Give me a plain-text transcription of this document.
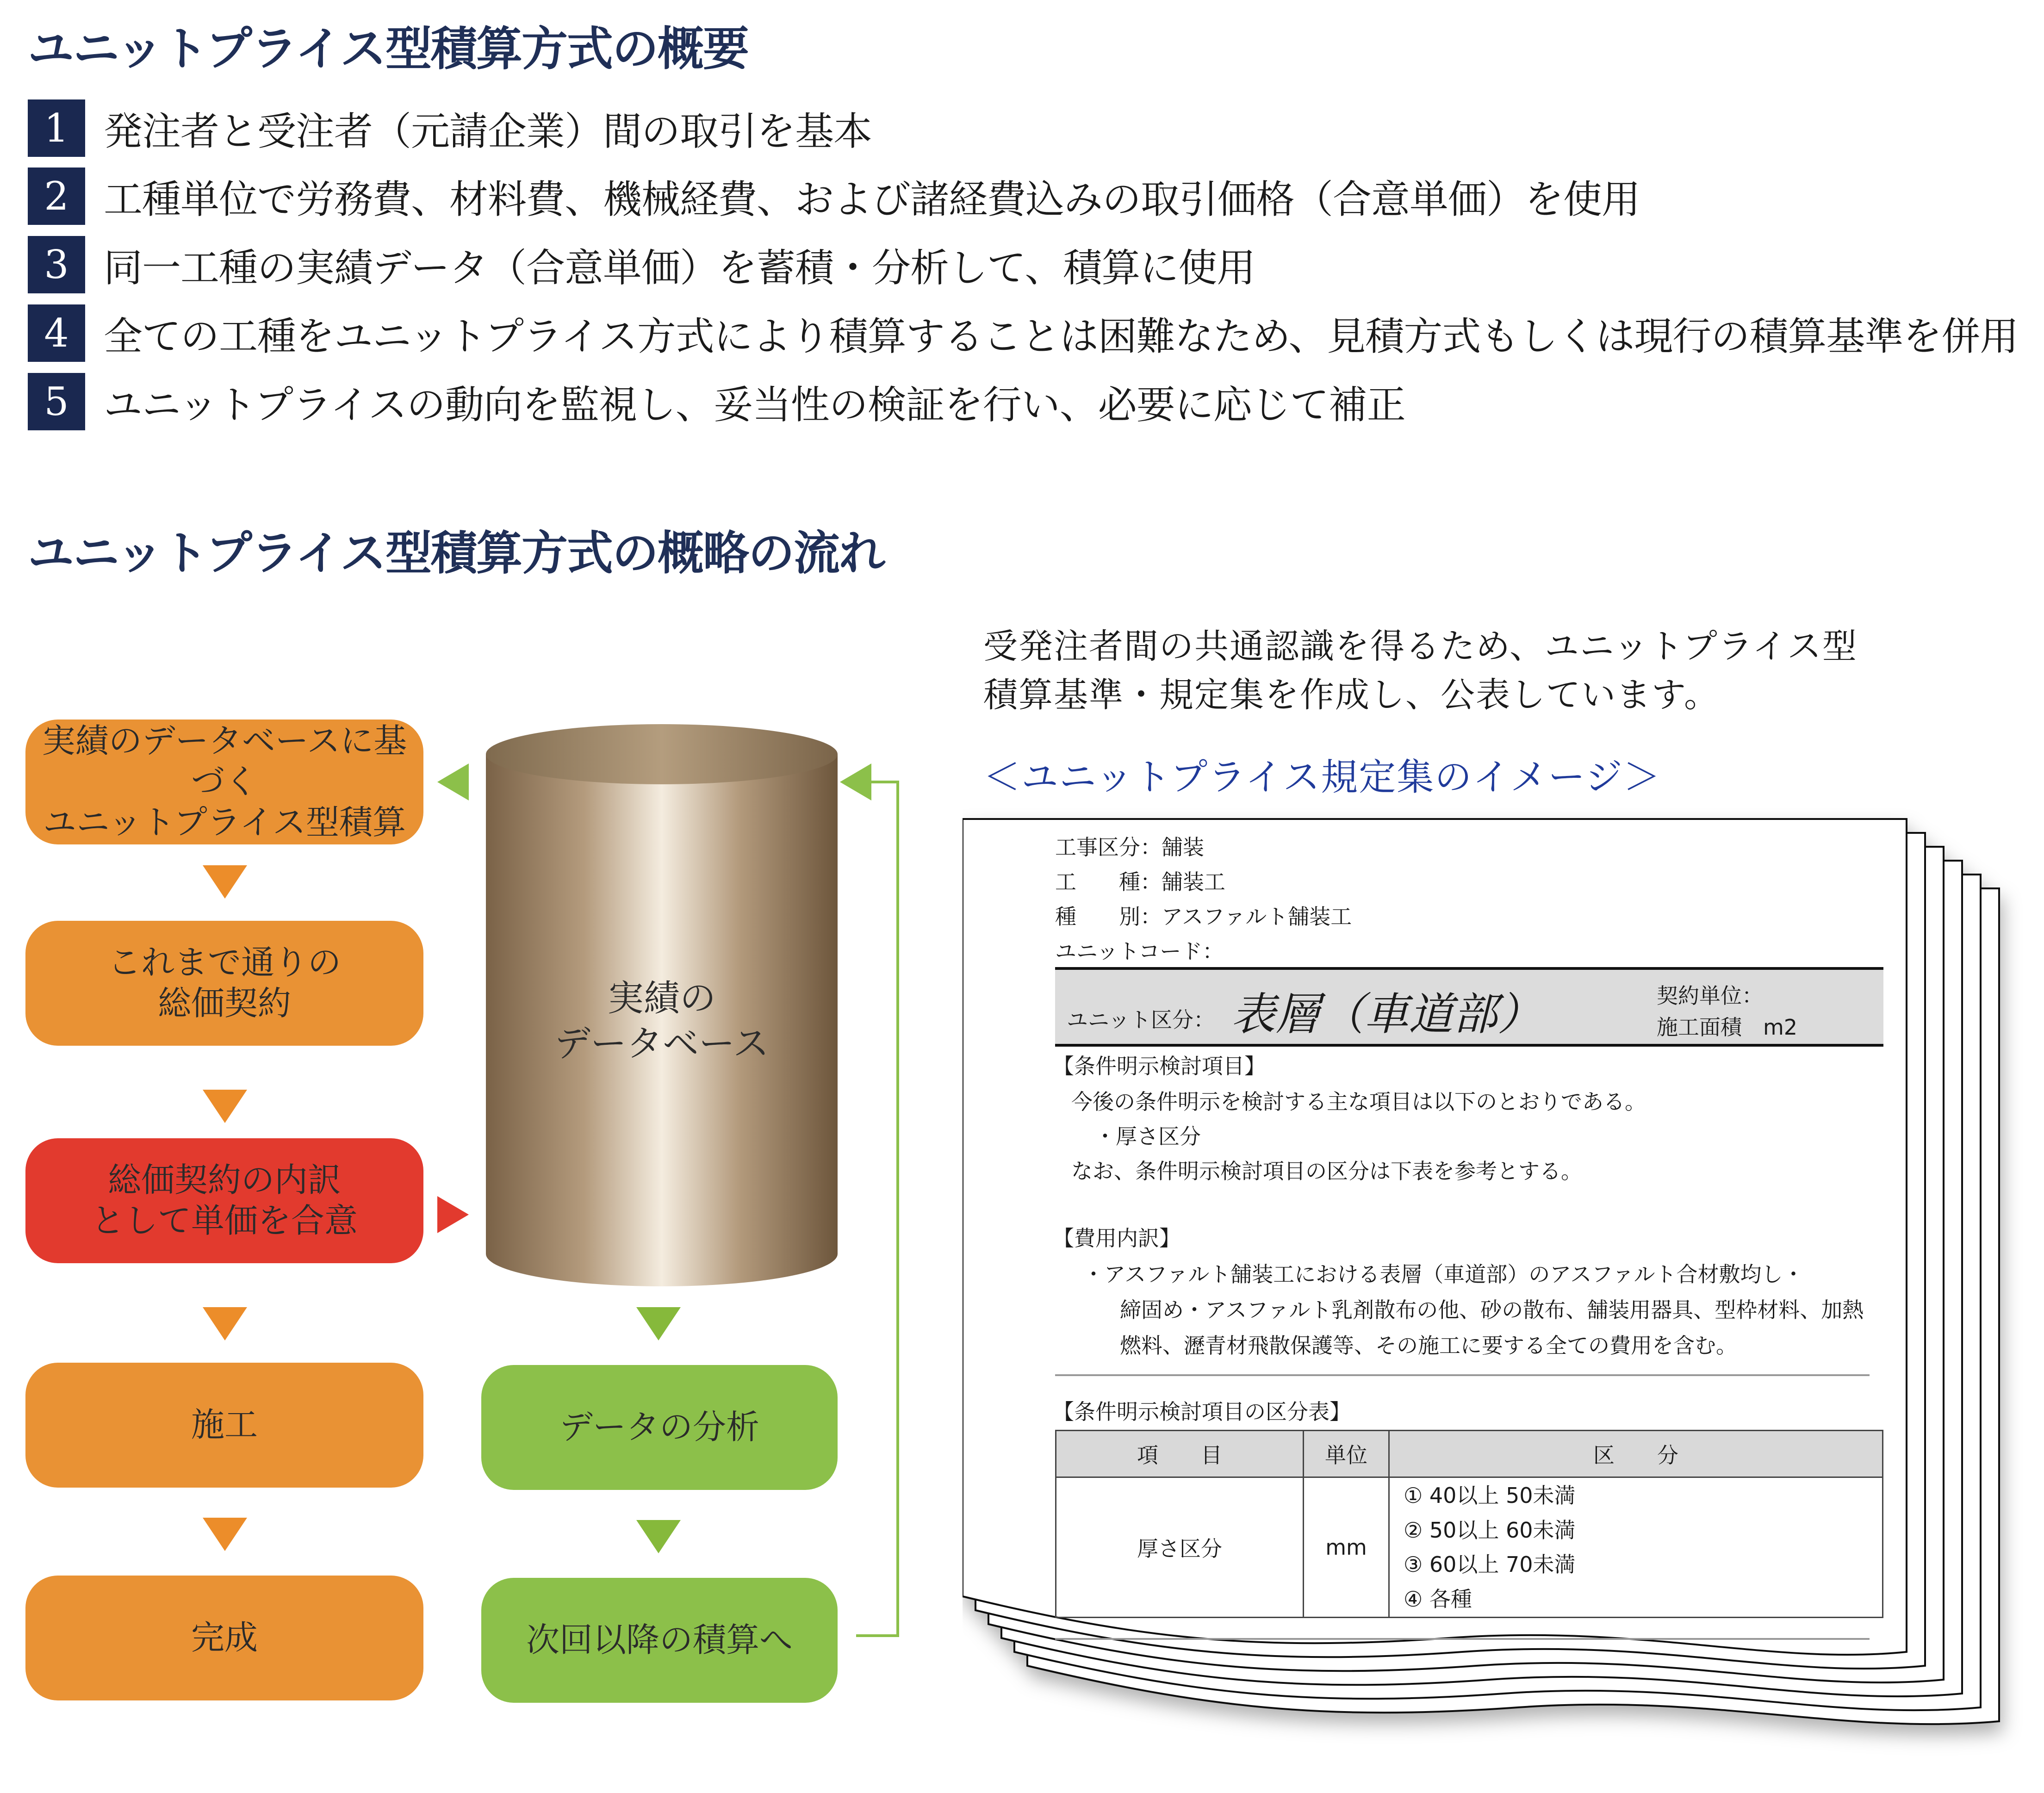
ユニットプライス型積算方式の概要
1 発注者と受注者（元請企業）間の取引を基本
2 工種単位で労務費、材料費、機械経費、および諸経費込みの取引価格（合意単価）を使用
3 同一工種の実績データ（合意単価）を蓄積・分析して、積算に使用
4 全ての工種をユニットプライス方式により積算することは困難なため、見積方式もしくは現行の積算基準を併用
5 ユニットプライスの動向を監視し、妥当性の検証を行い、必要に応じて補正
ユニットプライス型積算方式の概略の流れ
実績のデータベースに基づく
ユニットプライス型積算
これまで通りの
総価契約
総価契約の内訳
として単価を合意
施工
完成
実績の
データベース
データの分析
次回以降の積算へ
受発注者間の共通認識を得るため、ユニットプライス型
積算基準・規定集を作成し、公表しています。
＜ユニットプライス規定集のイメージ＞
工事区分：舗装
工　　種：舗装工
種　　別：アスファルト舗装工
ユニットコード：
ユニット区分： 表層（車道部）	契約単位：
施工面積　m2
【条件明示検討項目】
今後の条件明示を検討する主な項目は以下のとおりである。
・厚さ区分
なお、条件明示検討項目の区分は下表を参考とする。
【費用内訳】
・アスファルト舗装工における表層（車道部）のアスファルト合材敷均し・
締固め・アスファルト乳剤散布の他、砂の散布、舗装用器具、型枠材料、加熱
燃料、瀝青材飛散保護等、その施工に要する全ての費用を含む。
【条件明示検討項目の区分表】
項　　目	単位	区　　分
厚さ区分	mm	① 40以上 50未満
② 50以上 60未満
③ 60以上 70未満
④ 各種
